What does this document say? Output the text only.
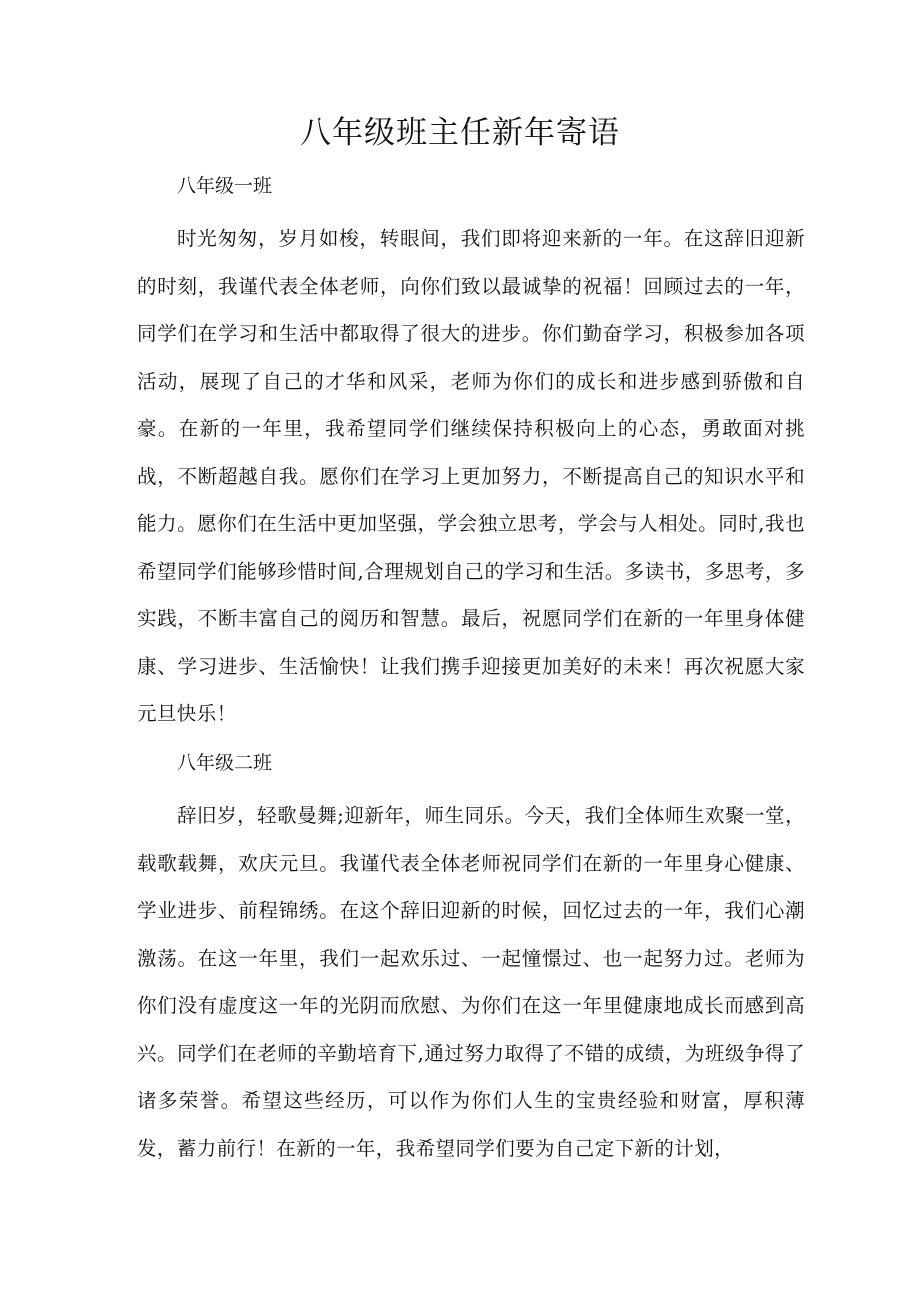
八年级班主任新年寄语

八年级一班

时光匆匆，岁月如梭，转眼间，我们即将迎来新的一年。在这辞旧迎新的时刻，我谨代表全体老师，向你们致以最诚挚的祝福！回顾过去的一年，同学们在学习和生活中都取得了很大的进步。你们勤奋学习，积极参加各项活动，展现了自己的才华和风采，老师为你们的成长和进步感到骄傲和自豪。在新的一年里，我希望同学们继续保持积极向上的心态，勇敢面对挑战，不断超越自我。愿你们在学习上更加努力，不断提高自己的知识水平和能力。愿你们在生活中更加坚强，学会独立思考，学会与人相处。同时,我也希望同学们能够珍惜时间,合理规划自己的学习和生活。多读书，多思考，多实践，不断丰富自己的阅历和智慧。最后，祝愿同学们在新的一年里身体健康、学习进步、生活愉快！让我们携手迎接更加美好的未来！再次祝愿大家元旦快乐！

八年级二班

辞旧岁，轻歌曼舞;迎新年，师生同乐。今天，我们全体师生欢聚一堂，载歌载舞，欢庆元旦。我谨代表全体老师祝同学们在新的一年里身心健康、学业进步、前程锦绣。在这个辞旧迎新的时候，回忆过去的一年，我们心潮激荡。在这一年里，我们一起欢乐过、一起憧憬过、也一起努力过。老师为你们没有虚度这一年的光阴而欣慰、为你们在这一年里健康地成长而感到高兴。同学们在老师的辛勤培育下,通过努力取得了不错的成绩，为班级争得了诸多荣誉。希望这些经历，可以作为你们人生的宝贵经验和财富，厚积薄发，蓄力前行！在新的一年，我希望同学们要为自己定下新的计划，
